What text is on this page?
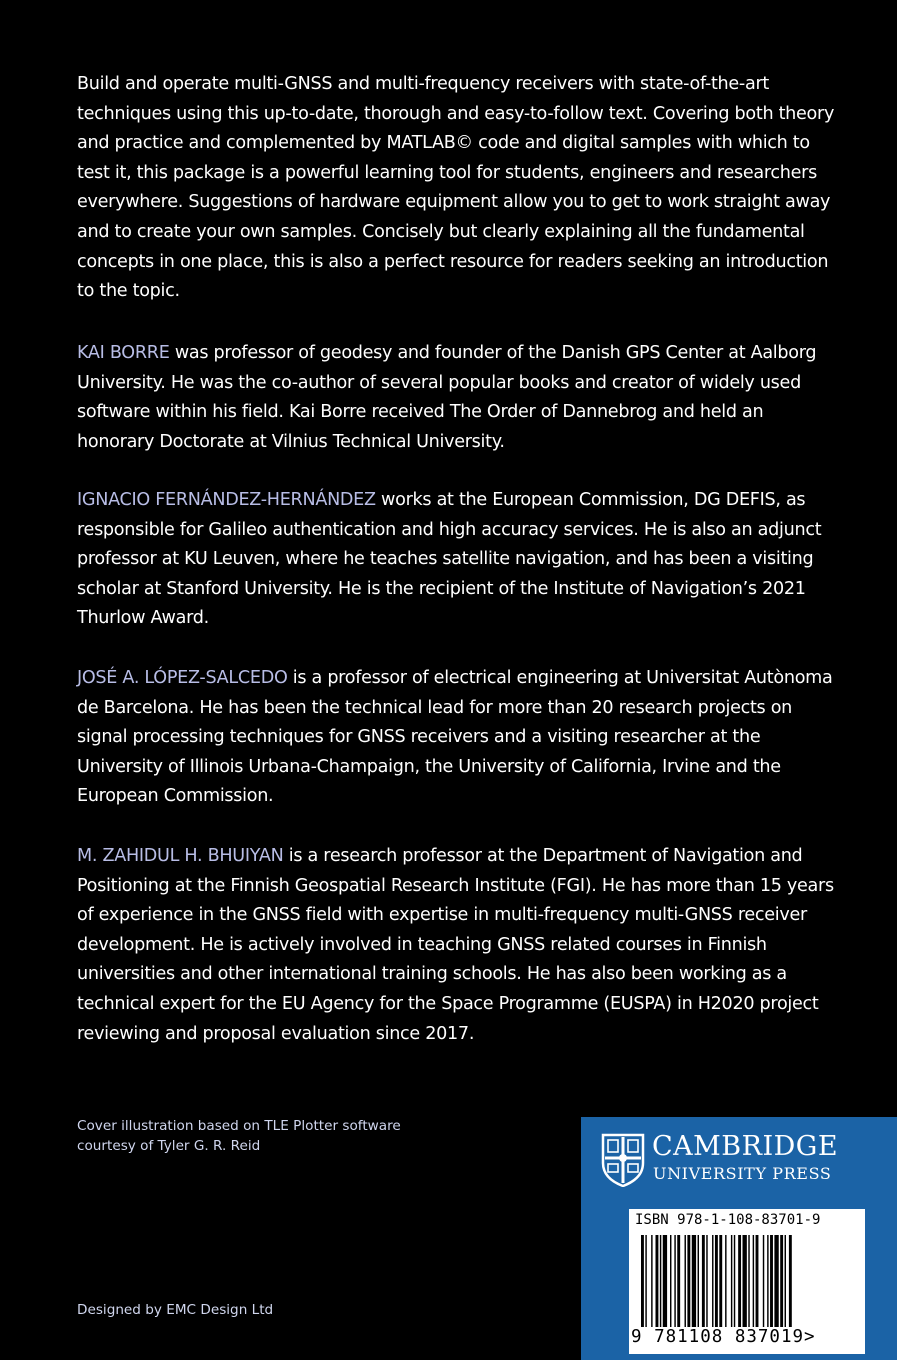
Build and operate multi-GNSS and multi-frequency receivers with state-of-the-art techniques using this up-to-date, thorough and easy-to-follow text. Covering both theory and practice and complemented by MATLAB© code and digital samples with which to test it, this package is a powerful learning tool for students, engineers and researchers everywhere. Suggestions of hardware equipment allow you to get to work straight away and to create your own samples. Concisely but clearly explaining all the fundamental concepts in one place, this is also a perfect resource for readers seeking an introduction to the topic.

KAI BORRE was professor of geodesy and founder of the Danish GPS Center at Aalborg University. He was the co-author of several popular books and creator of widely used software within his field. Kai Borre received The Order of Dannebrog and held an honorary Doctorate at Vilnius Technical University.

IGNACIO FERNÁNDEZ-HERNÁNDEZ works at the European Commission, DG DEFIS, as responsible for Galileo authentication and high accuracy services. He is also an adjunct professor at KU Leuven, where he teaches satellite navigation, and has been a visiting scholar at Stanford University. He is the recipient of the Institute of Navigation’s 2021 Thurlow Award.

JOSÉ A. LÓPEZ-SALCEDO is a professor of electrical engineering at Universitat Autònoma de Barcelona. He has been the technical lead for more than 20 research projects on signal processing techniques for GNSS receivers and a visiting researcher at the University of Illinois Urbana-Champaign, the University of California, Irvine and the European Commission.

M. ZAHIDUL H. BHUIYAN is a research professor at the Department of Navigation and Positioning at the Finnish Geospatial Research Institute (FGI). He has more than 15 years of experience in the GNSS field with expertise in multi-frequency multi-GNSS receiver development. He is actively involved in teaching GNSS related courses in Finnish universities and other international training schools. He has also been working as a technical expert for the EU Agency for the Space Programme (EUSPA) in H2020 project reviewing and proposal evaluation since 2017.

Cover illustration based on TLE Plotter software
courtesy of Tyler G. R. Reid

Designed by EMC Design Ltd

CAMBRIDGE
UNIVERSITY PRESS
ISBN 978-1-108-83701-9
9 781108 837019>
